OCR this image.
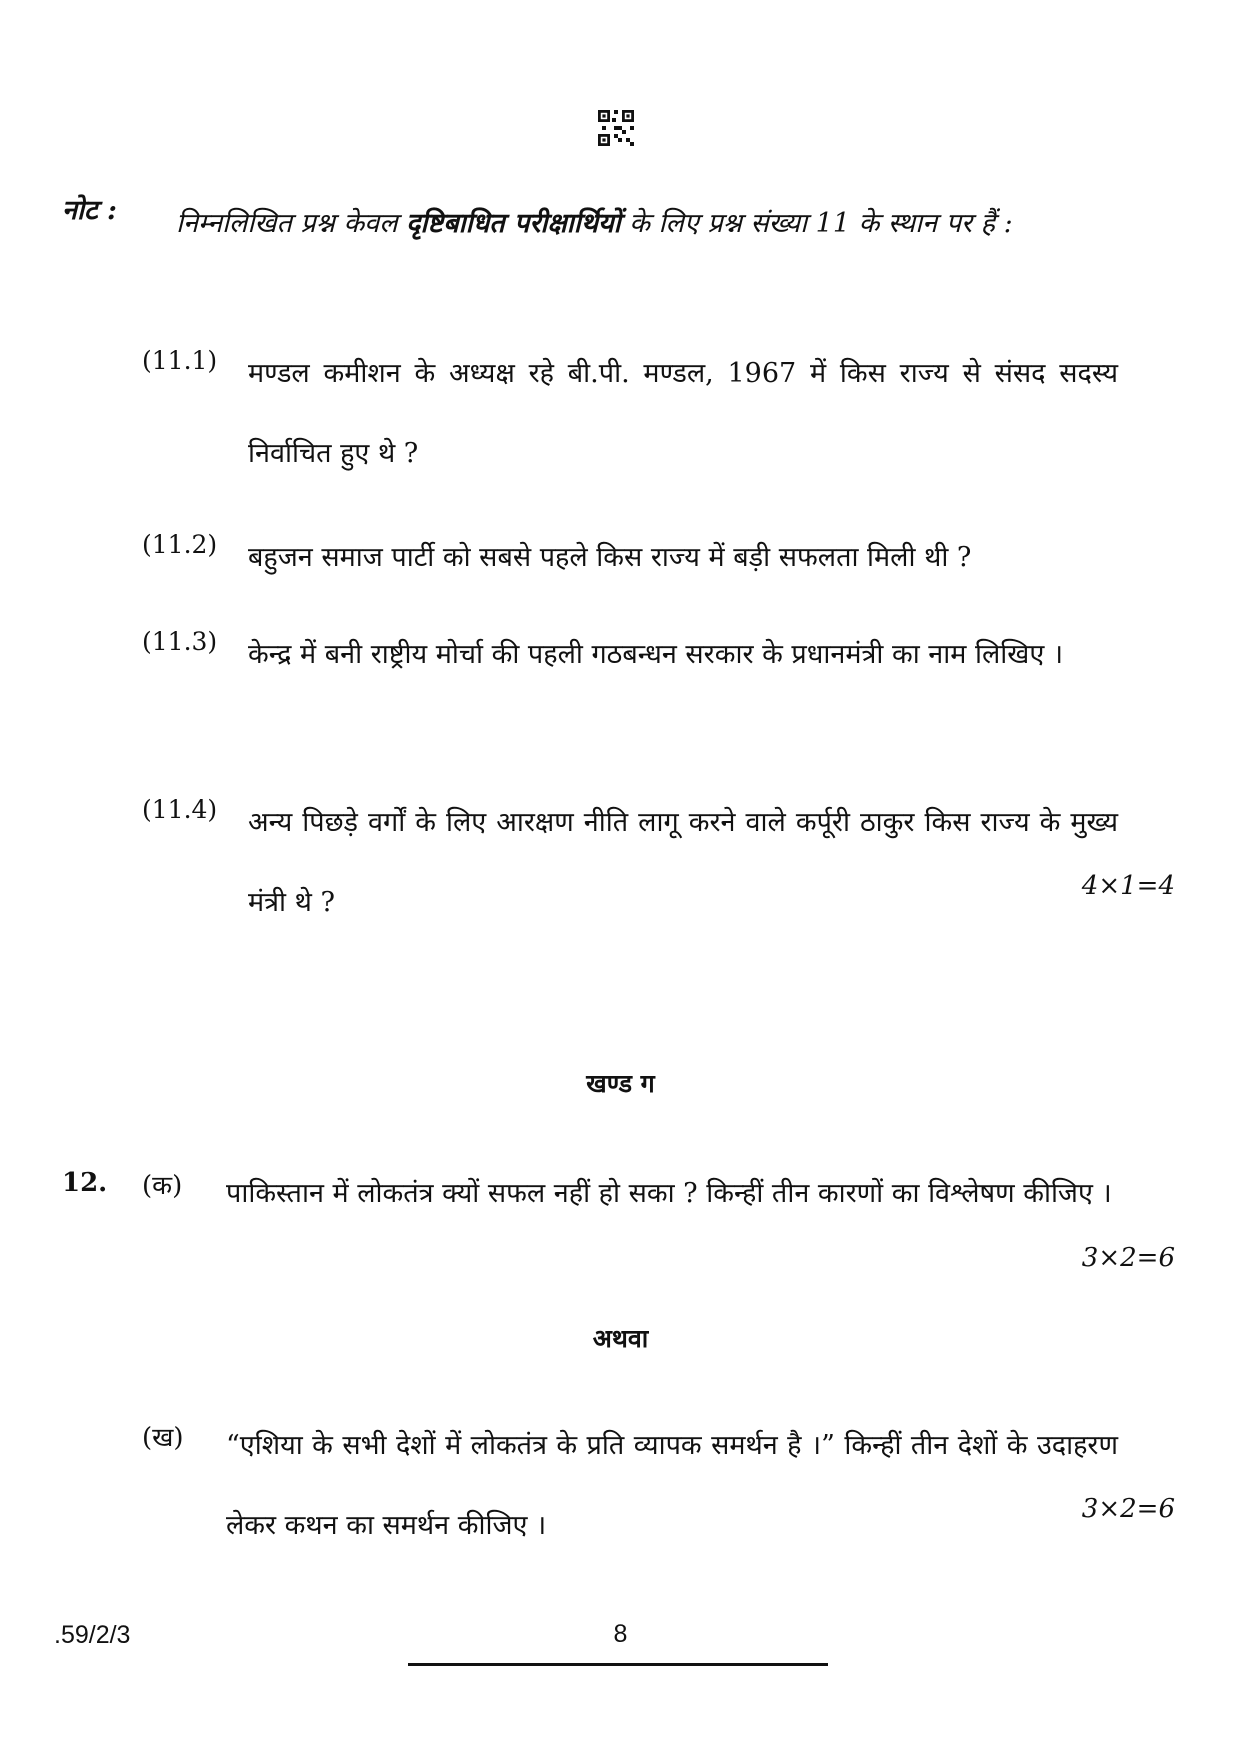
नोट : निम्नलिखित प्रश्न केवल दृष्टिबाधित परीक्षार्थियों के लिए प्रश्न संख्या 11 के स्थान पर हैं :
(11.1) मण्डल कमीशन के अध्यक्ष रहे बी.पी. मण्डल, 1967 में किस राज्य से संसद सदस्य निर्वाचित हुए थे ?
(11.2) बहुजन समाज पार्टी को सबसे पहले किस राज्य में बड़ी सफलता मिली थी ?
(11.3) केन्द्र में बनी राष्ट्रीय मोर्चा की पहली गठबन्धन सरकार के प्रधानमंत्री का नाम लिखिए ।
(11.4) अन्य पिछड़े वर्गों के लिए आरक्षण नीति लागू करने वाले कर्पूरी ठाकुर किस राज्य के मुख्य मंत्री थे ?
4×1=4
खण्ड ग
12. (क) पाकिस्तान में लोकतंत्र क्यों सफल नहीं हो सका ? किन्हीं तीन कारणों का विश्लेषण कीजिए ।
3×2=6
अथवा
(ख) “एशिया के सभी देशों में लोकतंत्र के प्रति व्यापक समर्थन है ।” किन्हीं तीन देशों के उदाहरण लेकर कथन का समर्थन कीजिए ।
3×2=6
.59/2/3	8
